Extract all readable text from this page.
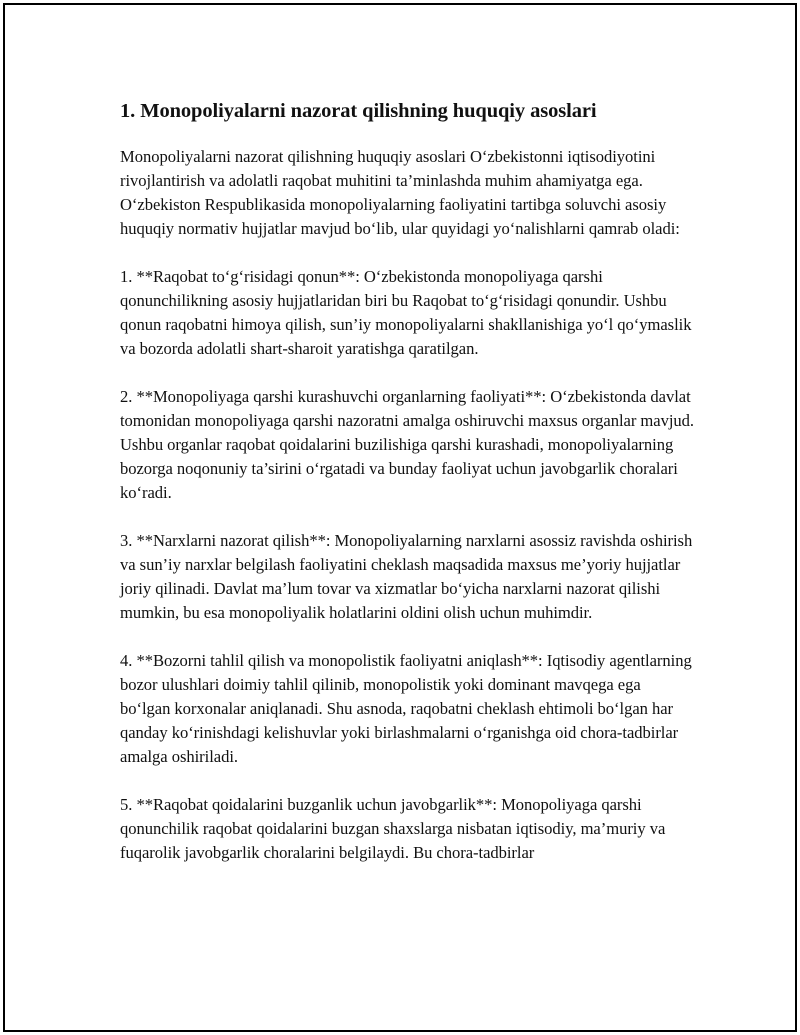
1. Monopoliyalarni nazorat qilishning huquqiy asoslari

Monopoliyalarni nazorat qilishning huquqiy asoslari O‘zbekistonni iqtisodiyotini rivojlantirish va adolatli raqobat muhitini ta’minlashda muhim ahamiyatga ega. O‘zbekiston Respublikasida monopoliyalarning faoliyatini tartibga soluvchi asosiy huquqiy normativ hujjatlar mavjud bo‘lib, ular quyidagi yo‘nalishlarni qamrab oladi:

1. **Raqobat to‘g‘risidagi qonun**: O‘zbekistonda monopoliyaga qarshi qonunchilikning asosiy hujjatlaridan biri bu Raqobat to‘g‘risidagi qonundir. Ushbu qonun raqobatni himoya qilish, sun’iy monopoliyalarni shakllanishiga yo‘l qo‘ymaslik va bozorda adolatli shart-sharoit yaratishga qaratilgan.

2. **Monopoliyaga qarshi kurashuvchi organlarning faoliyati**: O‘zbekistonda davlat tomonidan monopoliyaga qarshi nazoratni amalga oshiruvchi maxsus organlar mavjud. Ushbu organlar raqobat qoidalarini buzilishiga qarshi kurashadi, monopoliyalarning bozorga noqonuniy ta’sirini o‘rgatadi va bunday faoliyat uchun javobgarlik choralari ko‘radi.

3. **Narxlarni nazorat qilish**: Monopoliyalarning narxlarni asossiz ravishda oshirish va sun’iy narxlar belgilash faoliyatini cheklash maqsadida maxsus me’yoriy hujjatlar joriy qilinadi. Davlat ma’lum tovar va xizmatlar bo‘yicha narxlarni nazorat qilishi mumkin, bu esa monopoliyalik holatlarini oldini olish uchun muhimdir.

4. **Bozorni tahlil qilish va monopolistik faoliyatni aniqlash**: Iqtisodiy agentlarning bozor ulushlari doimiy tahlil qilinib, monopolistik yoki dominant mavqega ega bo‘lgan korxonalar aniqlanadi. Shu asnoda, raqobatni cheklash ehtimoli bo‘lgan har qanday ko‘rinishdagi kelishuvlar yoki birlashmalarni o‘rganishga oid chora-tadbirlar amalga oshiriladi.

5. **Raqobat qoidalarini buzganlik uchun javobgarlik**: Monopoliyaga qarshi qonunchilik raqobat qoidalarini buzgan shaxslarga nisbatan iqtisodiy, ma’muriy va fuqarolik javobgarlik choralarini belgilaydi. Bu chora-tadbirlar
